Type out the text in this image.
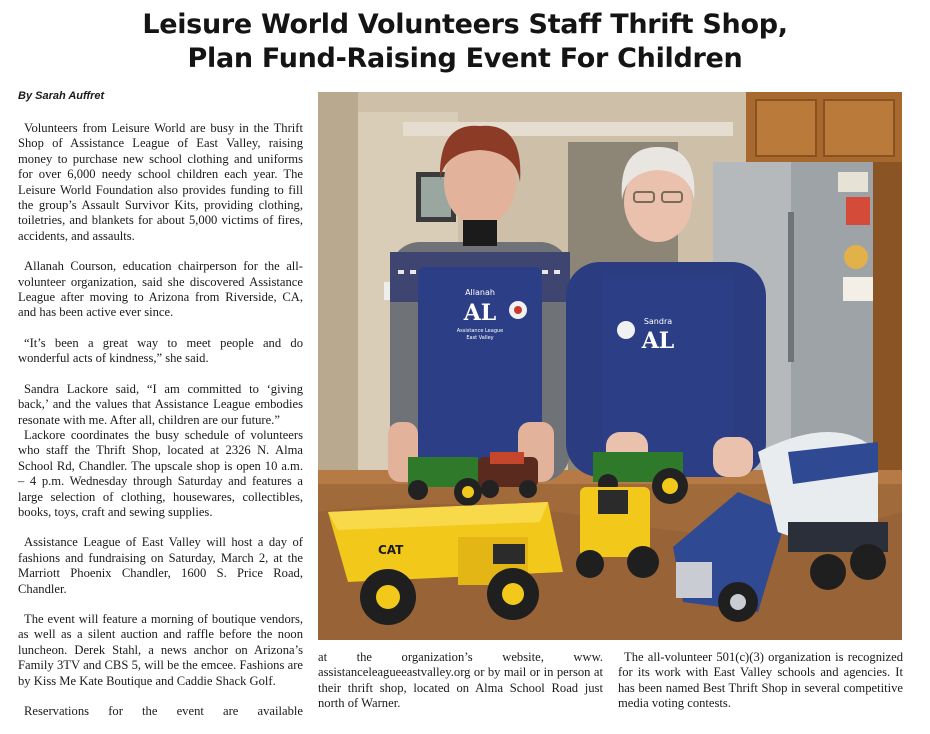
Leisure World Volunteers Staff Thrift Shop,
Plan Fund-Raising Event For Children
By Sarah Auffret

Volunteers from Leisure World are busy in the Thrift Shop of Assistance League of East Valley, raising money to purchase new school clothing and uniforms for over 6,000 needy school children each year. The Leisure World Foundation also provides funding to fill the group’s Assault Survivor Kits, providing clothing, toiletries, and blankets for about 5,000 victims of fires, accidents, and assaults.

Allanah Courson, education chairperson for the all-volunteer organization, said she discovered Assistance League after moving to Arizona from Riverside, CA, and has been active ever since.

“It’s been a great way to meet people and do wonderful acts of kindness,” she said.

Sandra Lackore said, “I am committed to ‘giving back,’ and the values that Assistance League embodies resonate with me. After all, children are our future.”

Lackore coordinates the busy schedule of volunteers who staff the Thrift Shop, located at 2326 N. Alma School Rd, Chandler. The upscale shop is open 10 a.m. – 4 p.m. Wednesday through Saturday and features a large selection of clothing, housewares, collectibles, books, toys, craft and sewing supplies.

Assistance League of East Valley will host a day of fashions and fundraising on Saturday, March 2, at the Marriott Phoenix Chandler, 1600 S. Price Road, Chandler.

The event will feature a morning of boutique vendors, as well as a silent auction and raffle before the noon luncheon. Derek Stahl, a news anchor on Arizona’s Family 3TV and CBS 5, will be the emcee. Fashions are by Kiss Me Kate Boutique and Caddie Shack Golf.

Reservations for the event are available

Allanah
AL
Assistance League
East Valley
Sandra
AL
CAT

at the organization’s website, www. assistanceleagueeastvalley.org or by mail or in person at their thrift shop, located on Alma School Road just north of Warner.

The all-volunteer 501(c)(3) organization is recognized for its work with East Valley schools and agencies. It has been named Best Thrift Shop in several competitive media voting contests.
